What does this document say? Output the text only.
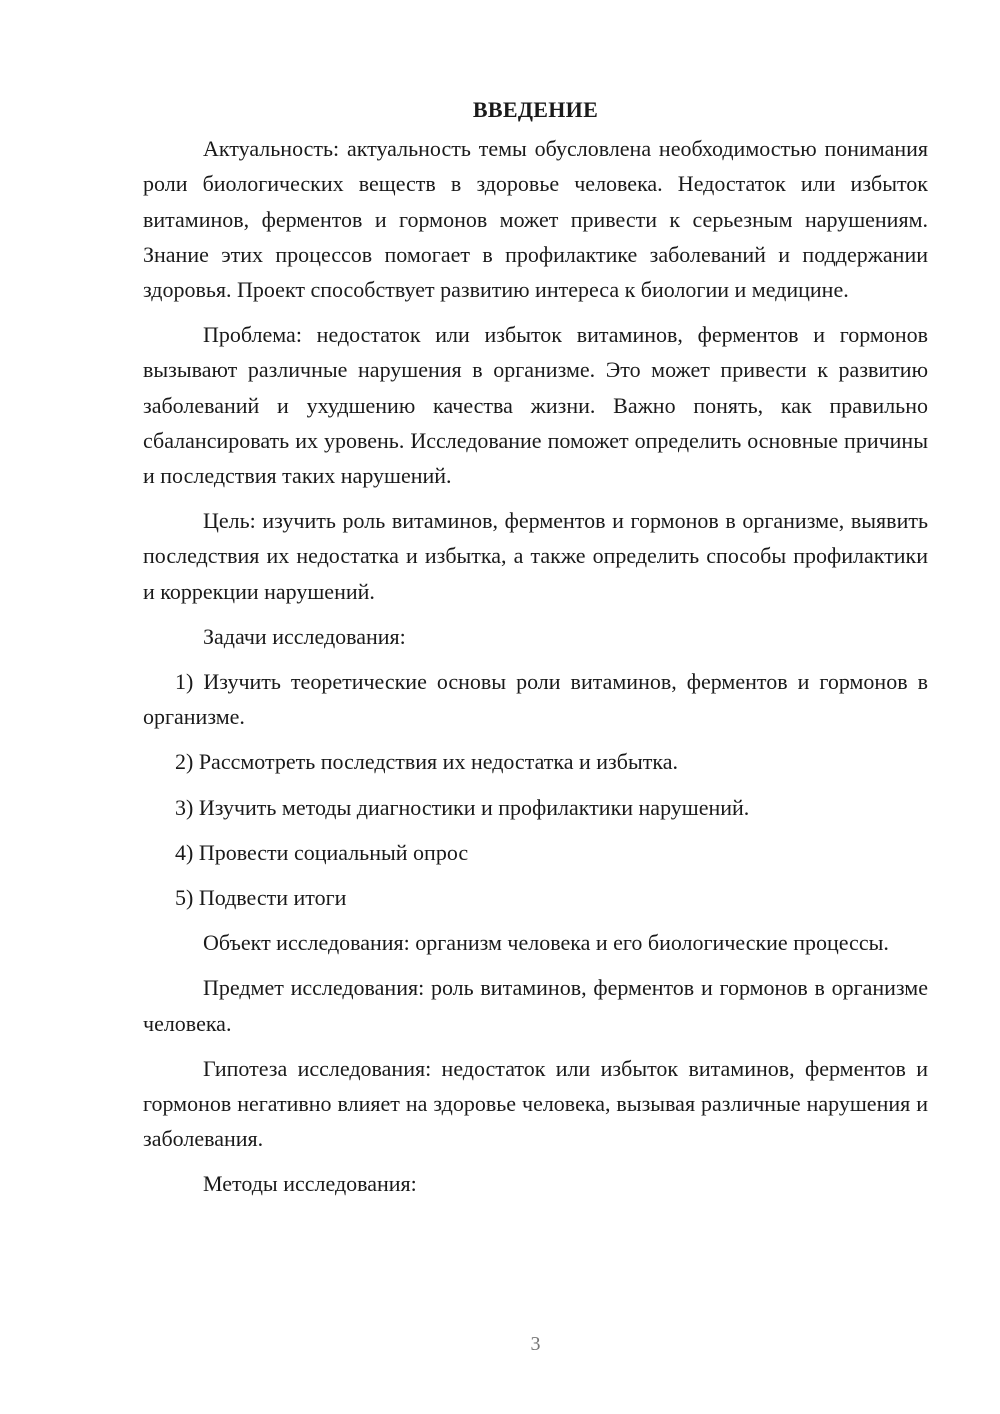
ВВЕДЕНИЕ

Актуальность: актуальность темы обусловлена необходимостью понимания роли биологических веществ в здоровье человека. Недостаток или избыток витаминов, ферментов и гормонов может привести к серьезным нарушениям. Знание этих процессов помогает в профилактике заболеваний и поддержании здоровья. Проект способствует развитию интереса к биологии и медицине.

Проблема: недостаток или избыток витаминов, ферментов и гормонов вызывают различные нарушения в организме. Это может привести к развитию заболеваний и ухудшению качества жизни. Важно понять, как правильно сбалансировать их уровень. Исследование поможет определить основные причины и последствия таких нарушений.

Цель: изучить роль витаминов, ферментов и гормонов в организме, выявить последствия их недостатка и избытка, а также определить способы профилактики и коррекции нарушений.

Задачи исследования:

1) Изучить теоретические основы роли витаминов, ферментов и гормонов в организме.

2) Рассмотреть последствия их недостатка и избытка.

3) Изучить методы диагностики и профилактики нарушений.

4) Провести социальный опрос

5) Подвести итоги

Объект исследования: организм человека и его биологические процессы.

Предмет исследования: роль витаминов, ферментов и гормонов в организме человека.

Гипотеза исследования: недостаток или избыток витаминов, ферментов и гормонов негативно влияет на здоровье человека, вызывая различные нарушения и заболевания.

Методы исследования:

3
